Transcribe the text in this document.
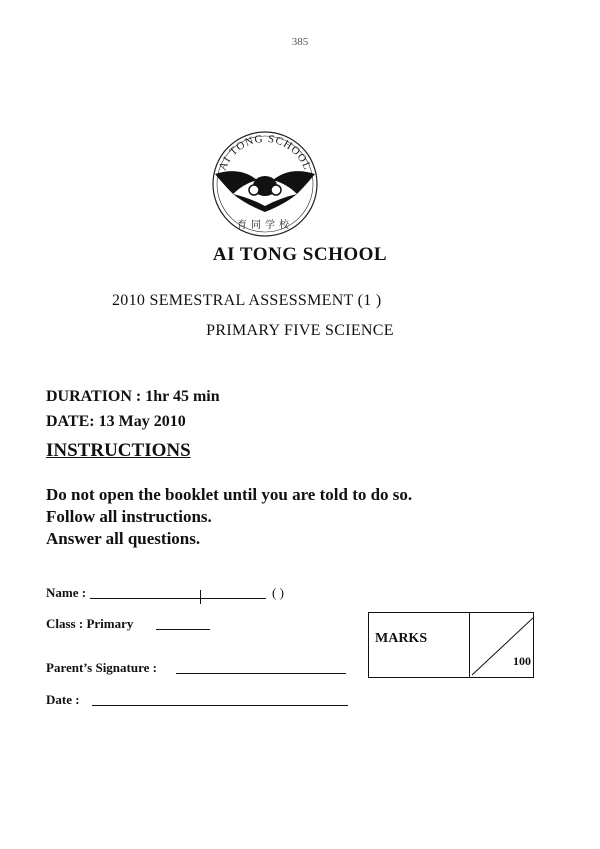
385
AI TONG SCHOOL
育同学校
AI TONG SCHOOL
2010 SEMESTRAL ASSESSMENT (1 )
PRIMARY FIVE SCIENCE
DURATION : 1hr 45 min
DATE: 13 May 2010
INSTRUCTIONS
Do not open the booklet until you are told to do so.
Follow all instructions.
Answer all questions.
Name :	( )
Class : Primary
Parent’s Signature :
Date :
MARKS
100
